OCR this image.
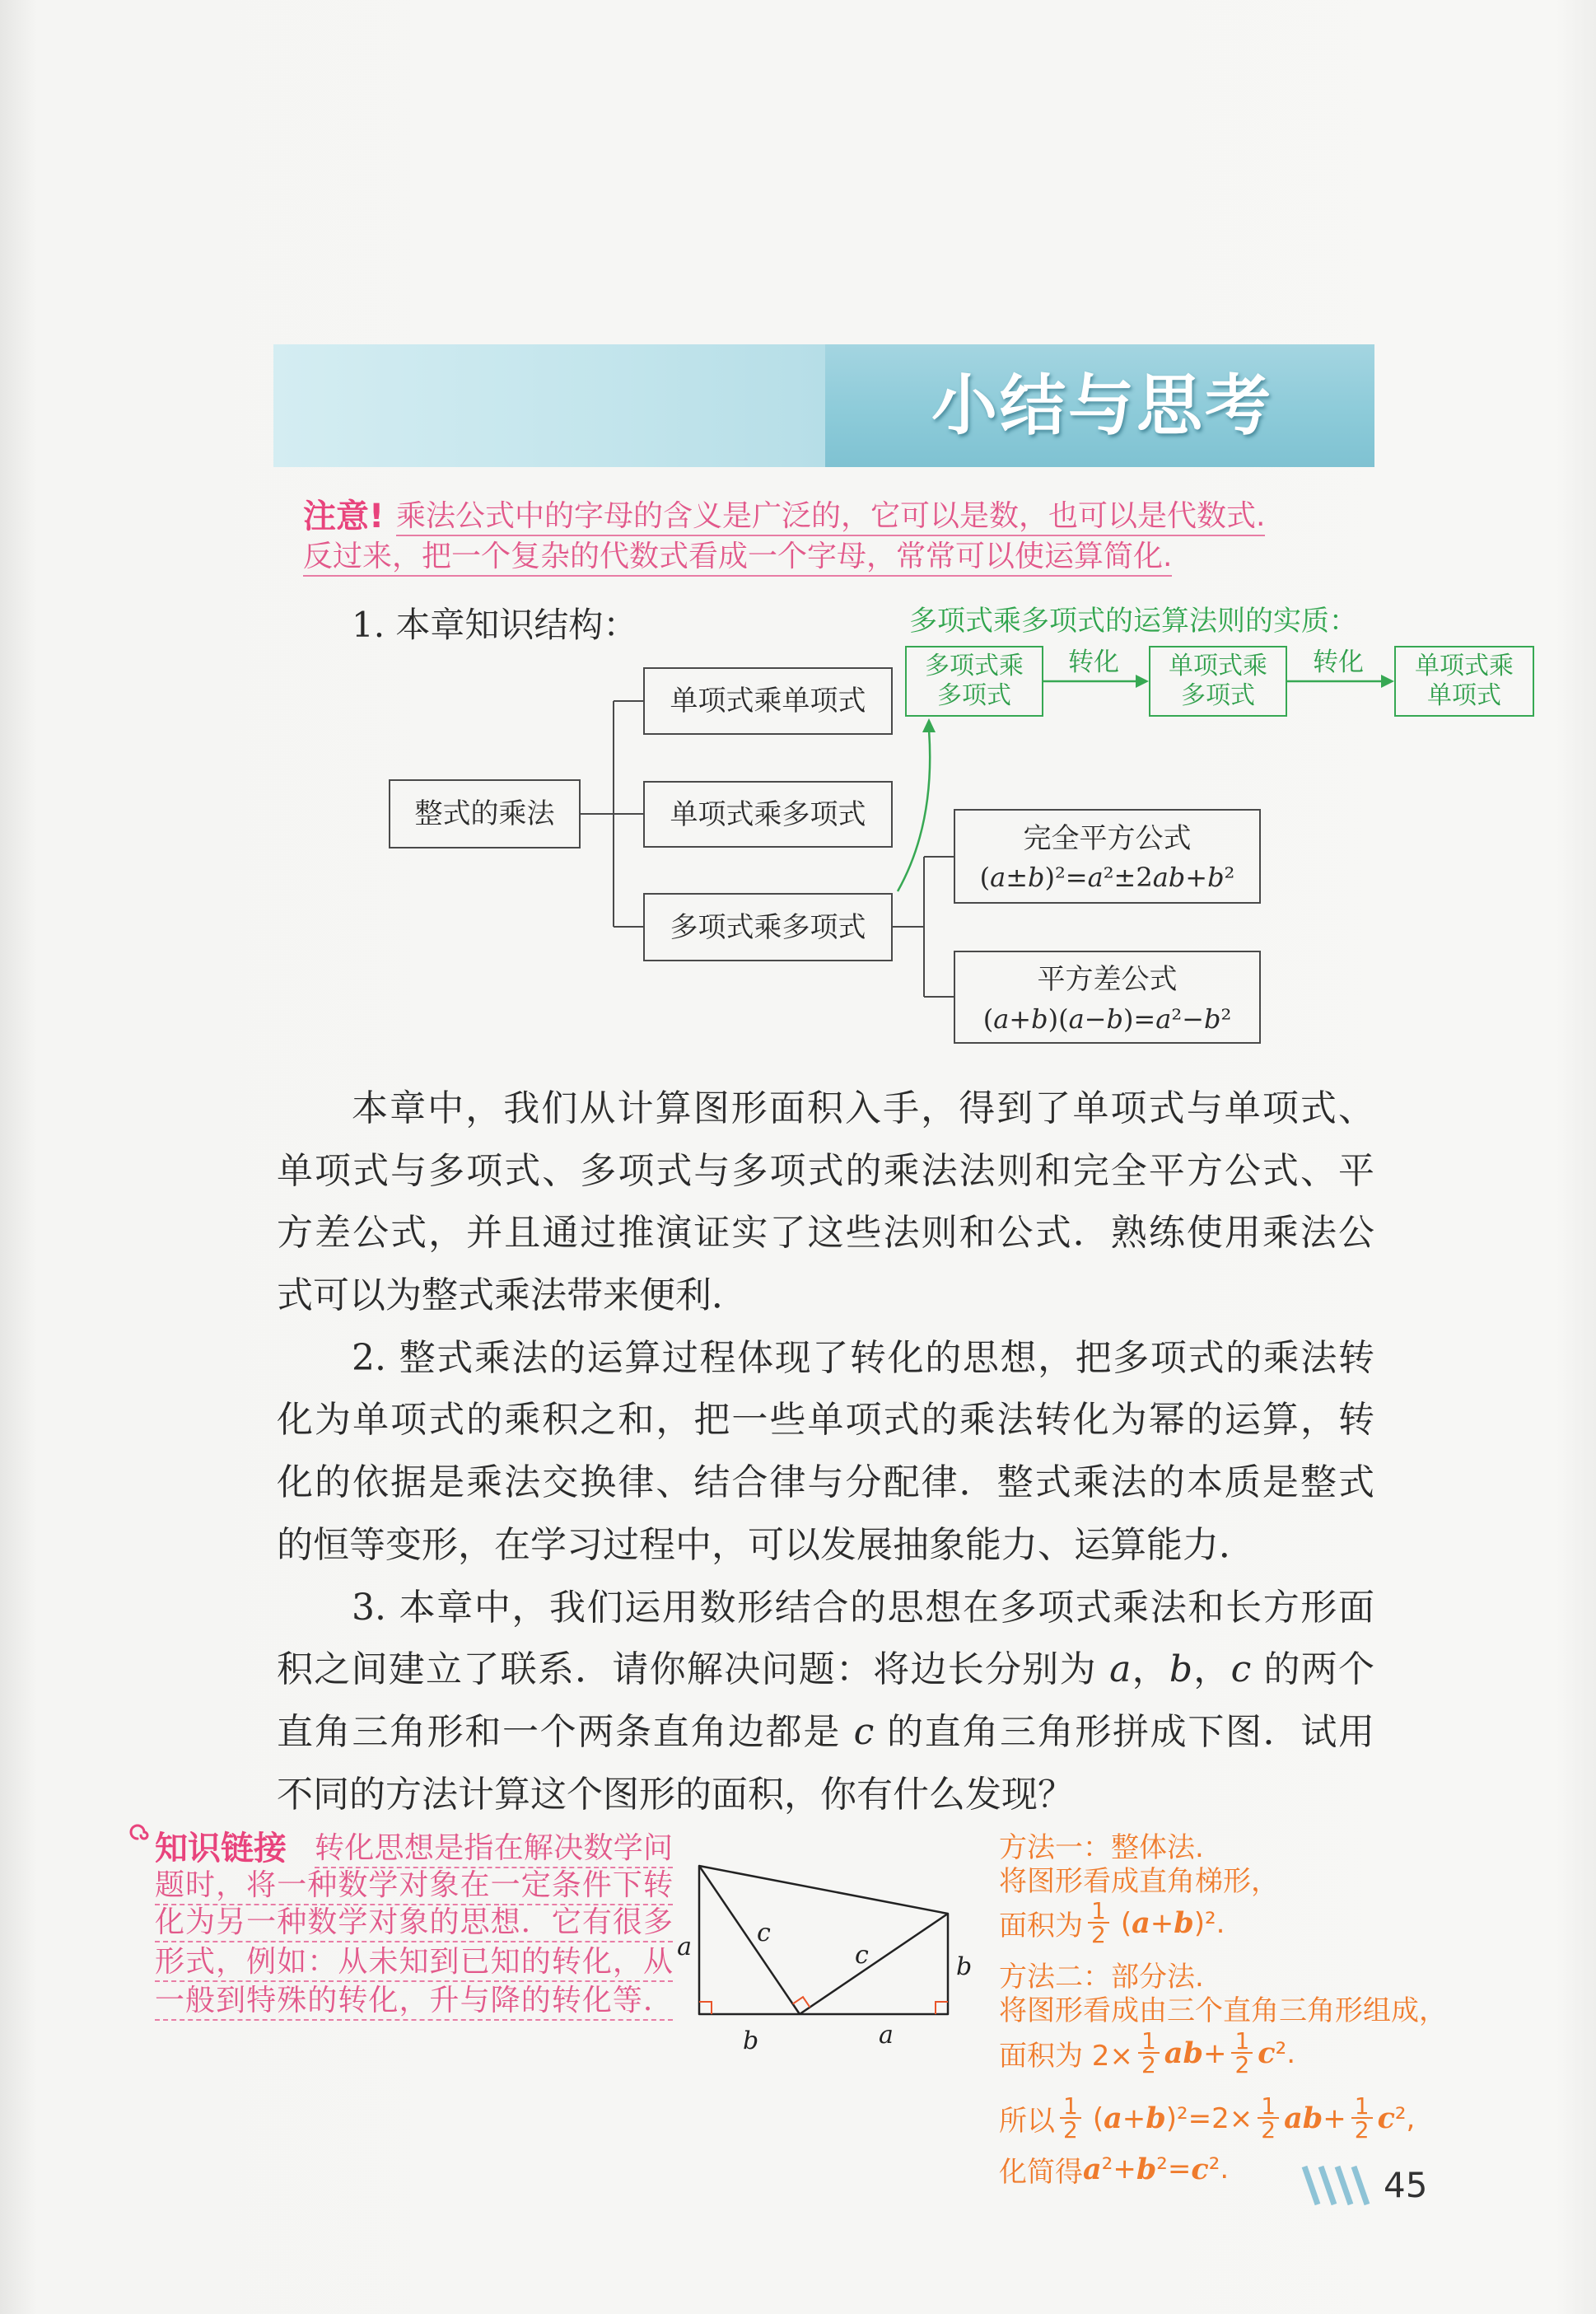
小结与思考
注意! 乘法公式中的字母的含义是广泛的，它可以是数，也可以是代数式.
反过来，把一个复杂的代数式看成一个字母，常常可以使运算简化.
1. 本章知识结构：	多项式乘多项式的运算法则的实质：
多项式乘
多项式
转化	单项式乘
多项式
转化	单项式乘
单项式
整式的乘法
单项式乘单项式
单项式乘多项式
多项式乘多项式
完全平方公式
(a±b)²=a²±2ab+b²
平方差公式
(a+b)(a−b)=a²−b²
本章中，我们从计算图形面积入手，得到了单项式与单项式、
单项式与多项式、多项式与多项式的乘法法则和完全平方公式、平
方差公式，并且通过推演证实了这些法则和公式．熟练使用乘法公
式可以为整式乘法带来便利．
2. 整式乘法的运算过程体现了转化的思想，把多项式的乘法转
化为单项式的乘积之和，把一些单项式的乘法转化为幂的运算，转
化的依据是乘法交换律、结合律与分配律．整式乘法的本质是整式
的恒等变形，在学习过程中，可以发展抽象能力、运算能力．
3. 本章中，我们运用数形结合的思想在多项式乘法和长方形面
积之间建立了联系．请你解决问题：将边长分别为 a，b，c 的两个
直角三角形和一个两条直角边都是 c 的直角三角形拼成下图．试用
不同的方法计算这个图形的面积，你有什么发现？
知识链接 转化思想是指在解决数学问
题时，将一种数学对象在一定条件下转
化为另一种数学对象的思想．它有很多
形式，例如：从未知到已知的转化，从
一般到特殊的转化，升与降的转化等．
a	c
c	b
b	a
方法一：整体法.
将图形看成直角梯形，
面积为 $\frac{1}{2} (a+b)^2$.
方法二：部分法.
将图形看成由三个直角三角形组成，
面积为 $2\times \frac{1}{2} ab+ \frac{1}{2} c^2$.
所以 $\frac{1}{2} (a+b)^2=2\times \frac{1}{2} ab+ \frac{1}{2} c^2$,
化简得 a ²+ b ²= c ².	45
